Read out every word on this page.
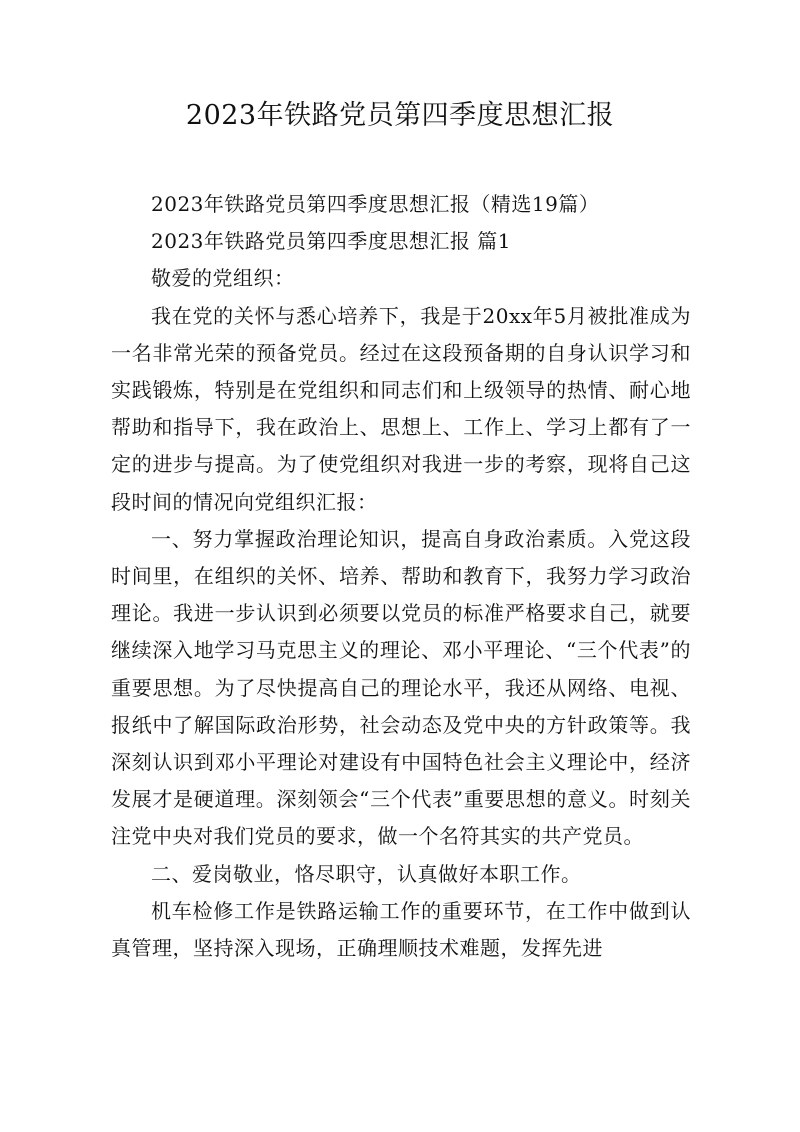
2023年铁路党员第四季度思想汇报

2023年铁路党员第四季度思想汇报（精选19篇）

2023年铁路党员第四季度思想汇报 篇1

敬爱的党组织：

我在党的关怀与悉心培养下，我是于20xx年5月被批准成为一名非常光荣的预备党员。经过在这段预备期的自身认识学习和实践锻炼，特别是在党组织和同志们和上级领导的热情、耐心地帮助和指导下，我在政治上、思想上、工作上、学习上都有了一定的进步与提高。为了使党组织对我进一步的考察，现将自己这段时间的情况向党组织汇报：

一、努力掌握政治理论知识，提高自身政治素质。入党这段时间里，在组织的关怀、培养、帮助和教育下，我努力学习政治理论。我进一步认识到必须要以党员的标准严格要求自己，就要继续深入地学习马克思主义的理论、邓小平理论、“三个代表”的重要思想。为了尽快提高自己的理论水平，我还从网络、电视、报纸中了解国际政治形势，社会动态及党中央的方针政策等。我深刻认识到邓小平理论对建设有中国特色社会主义理论中，经济发展才是硬道理。深刻领会“三个代表”重要思想的意义。时刻关注党中央对我们党员的要求，做一个名符其实的共产党员。

二、爱岗敬业，恪尽职守，认真做好本职工作。

机车检修工作是铁路运输工作的重要环节，在工作中做到认真管理，坚持深入现场，正确理顺技术难题，发挥先进
